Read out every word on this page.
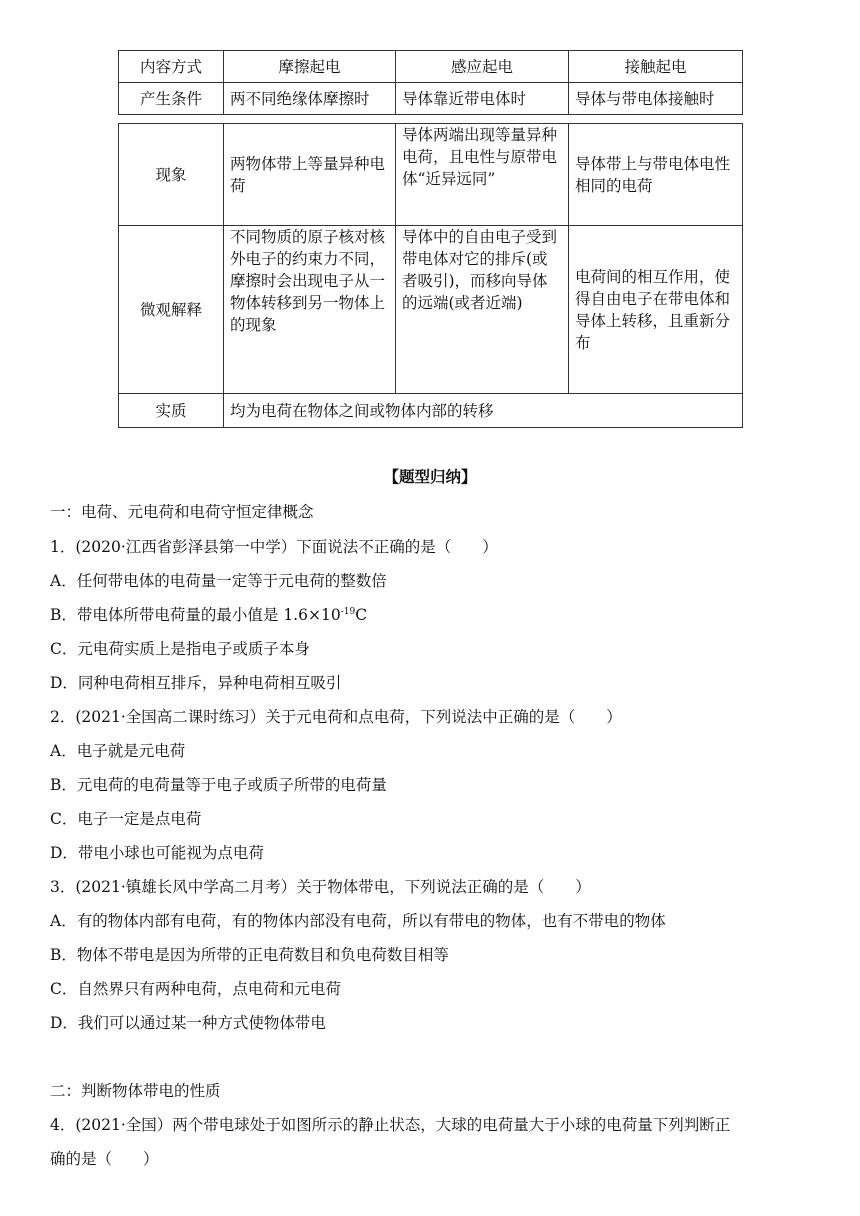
内容方式	摩擦起电	感应起电	接触起电
产生条件	两不同绝缘体摩擦时	导体靠近带电体时	导体与带电体接触时
现象	两物体带上等量异种电荷	导体两端出现等量异种电荷，且电性与原带电体“近异远同”	导体带上与带电体电性相同的电荷
微观解释	不同物质的原子核对核外电子的约束力不同，摩擦时会出现电子从一物体转移到另一物体上的现象	导体中的自由电子受到带电体对它的排斥(或者吸引)，而移向导体的远端(或者近端)	电荷间的相互作用，使得自由电子在带电体和导体上转移，且重新分布
实质	均为电荷在物体之间或物体内部的转移		
【题型归纳】
一：电荷、元电荷和电荷守恒定律概念
1．(2020·江西省彭泽县第一中学）下面说法不正确的是（　　）
A．任何带电体的电荷量一定等于元电荷的整数倍
B．带电体所带电荷量的最小值是 $1.6\times 10^{-19}C$
C．元电荷实质上是指电子或质子本身
D．同种电荷相互排斥，异种电荷相互吸引
2．(2021·全国高二课时练习）关于元电荷和点电荷，下列说法中正确的是（　　）
A．电子就是元电荷
B．元电荷的电荷量等于电子或质子所带的电荷量
C．电子一定是点电荷
D．带电小球也可能视为点电荷
3．(2021·镇雄长风中学高二月考）关于物体带电，下列说法正确的是（　　）
A．有的物体内部有电荷，有的物体内部没有电荷，所以有带电的物体，也有不带电的物体
B．物体不带电是因为所带的正电荷数目和负电荷数目相等
C．自然界只有两种电荷，点电荷和元电荷
D．我们可以通过某一种方式使物体带电
二：判断物体带电的性质
4．(2021·全国）两个带电球处于如图所示的静止状态，大球的电荷量大于小球的电荷量下列判断正
确的是（　　）
